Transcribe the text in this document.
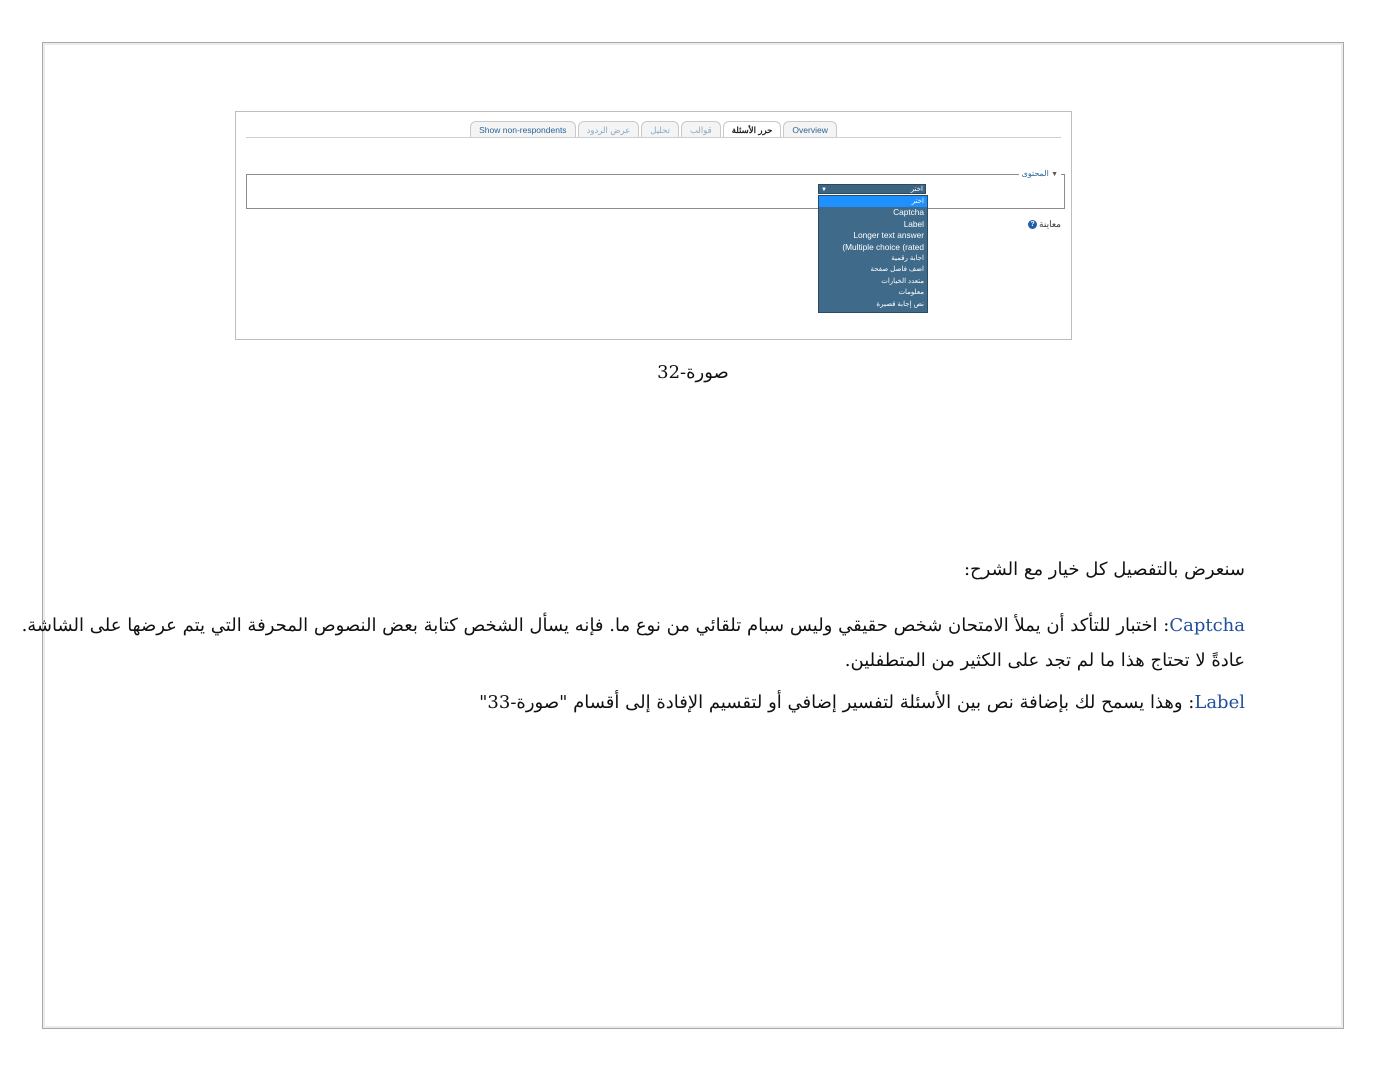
Show non-respondents	عرض الردود	تحليل	قوالب	حرر الأسئلة	Overview
المحتوى ▼
▼	اختر
اختر
Captcha
Label
Longer text answer
(Multiple choice (rated
اجابة رقمية
اضف فاصل صفحة
متعدد الخيارات
معلومات
نص إجابة قصيرة
معاينة
?
صورة-32
سنعرض بالتفصيل كل خيار مع الشرح:
Captcha: اختبار للتأكد أن يملأ الامتحان شخص حقيقي وليس سبام تلقائي من نوع ما. فإنه يسأل الشخص كتابة بعض النصوص المحرفة التي يتم عرضها على الشاشة.
عادةً لا تحتاج هذا ما لم تجد على الكثير من المتطفلين.
Label: وهذا يسمح لك بإضافة نص بين الأسئلة لتفسير إضافي أو لتقسيم الإفادة إلى أقسام "صورة-33"
